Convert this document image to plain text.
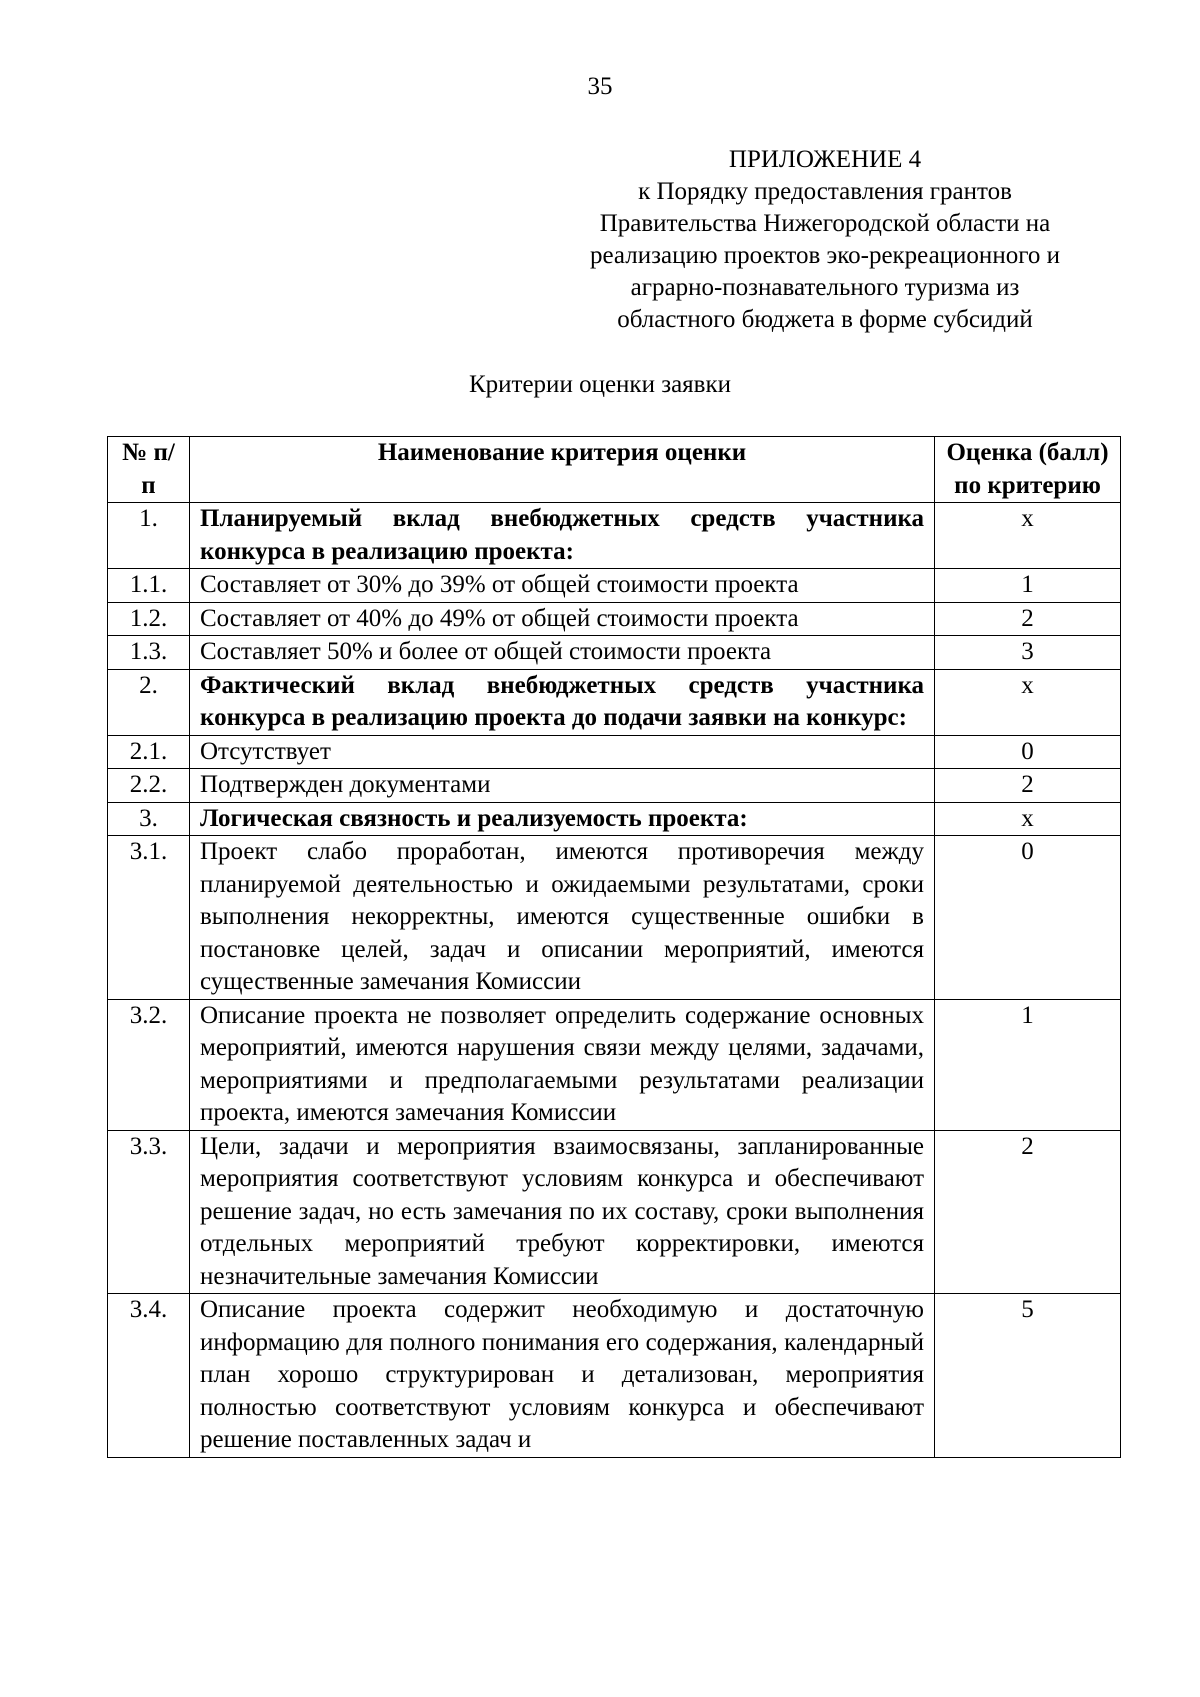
35
ПРИЛОЖЕНИЕ 4
к Порядку предоставления грантов
Правительства Нижегородской области на
реализацию проектов эко-рекреационного и
аграрно-познавательного туризма из
областного бюджета в форме субсидий
Критерии оценки заявки
№ п/п	Наименование критерия оценки	Оценка (балл) по критерию
1.	Планируемый вклад внебюджетных средств участника конкурса в реализацию проекта:	х
1.1.	Составляет от 30% до 39% от общей стоимости проекта	1
1.2.	Составляет от 40% до 49% от общей стоимости проекта	2
1.3.	Составляет 50% и более от общей стоимости проекта	3
2.	Фактический вклад внебюджетных средств участника конкурса в реализацию проекта до подачи заявки на конкурс:	х
2.1.	Отсутствует	0
2.2.	Подтвержден документами	2
3.	Логическая связность и реализуемость проекта:	х
3.1.	Проект слабо проработан, имеются противоречия между планируемой деятельностью и ожидаемыми результатами, сроки выполнения некорректны, имеются существенные ошибки в постановке целей, задач и описании мероприятий, имеются существенные замечания Комиссии	0
3.2.	Описание проекта не позволяет определить содержание основных мероприятий, имеются нарушения связи между целями, задачами, мероприятиями и предполагаемыми результатами реализации проекта, имеются замечания Комиссии	1
3.3.	Цели, задачи и мероприятия взаимосвязаны, запланированные мероприятия соответствуют условиям конкурса и обеспечивают решение задач, но есть замечания по их составу, сроки выполнения отдельных мероприятий требуют корректировки, имеются незначительные замечания Комиссии	2
3.4.	Описание проекта содержит необходимую и достаточную информацию для полного понимания его содержания, календарный план хорошо структурирован и детализован, мероприятия полностью соответствуют условиям конкурса и обеспечивают решение поставленных задач и	5
